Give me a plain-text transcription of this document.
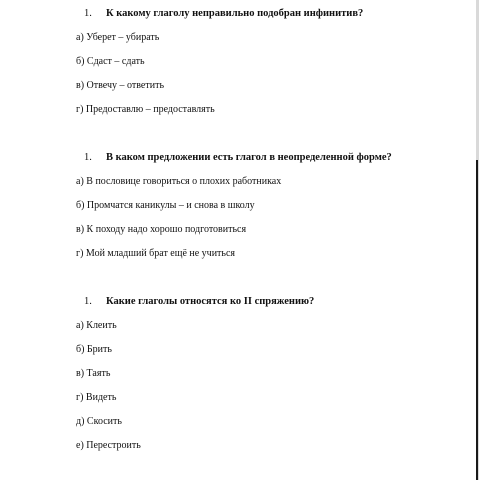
1. К какому глаголу неправильно подобран инфинитив?
а) Уберет – убирать
б) Сдаст – сдать
в) Отвечу – ответить
г) Предоставлю – предоставлять
1. В каком предложении есть глагол в неопределенной форме?
а) В пословице говориться о плохих работниках
б) Промчатся каникулы – и снова в школу
в) К походу надо хорошо подготовиться
г) Мой младший брат ещё не учиться
1. Какие глаголы относятся ко II спряжению?
а) Клеить
б) Брить
в) Таять
г) Видеть
д) Скосить
е) Перестроить
